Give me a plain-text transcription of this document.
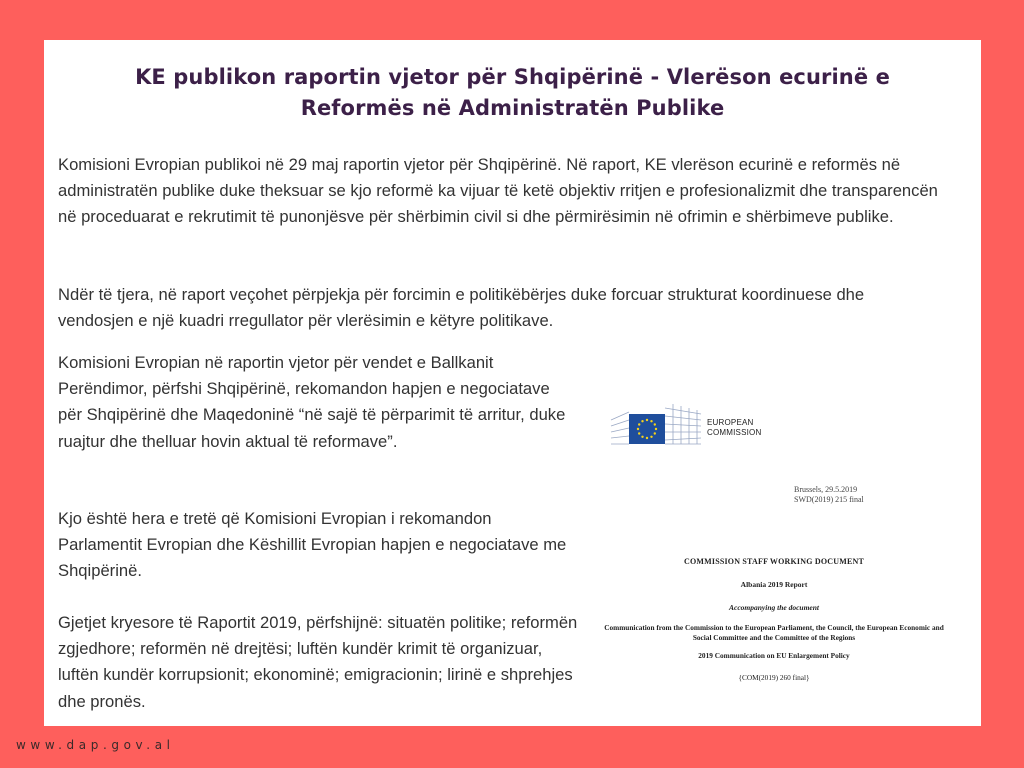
KE publikon raportin vjetor për Shqipërinë - Vlerëson ecurinë e Reformës në Administratën Publike

Komisioni Evropian publikoi në 29 maj raportin vjetor për Shqipërinë. Në raport, KE vlerëson ecurinë e reformës në administratën publike duke theksuar se kjo reformë ka vijuar të ketë objektiv rritjen e profesionalizmit dhe transparencën në proceduarat e rekrutimit të punonjësve për shërbimin civil si dhe përmirësimin në ofrimin e shërbimeve publike.

Ndër të tjera, në raport veçohet përpjekja për forcimin e politikëbërjes duke forcuar strukturat koordinuese dhe vendosjen e një kuadri rregullator për vlerësimin e këtyre politikave.

Komisioni Evropian në raportin vjetor për vendet e Ballkanit Perëndimor, përfshi Shqipërinë, rekomandon hapjen e negociatave për Shqipërinë dhe Maqedoninë “në sajë të përparimit të arritur, duke ruajtur dhe thelluar hovin aktual të reformave”.

Kjo është hera e tretë që Komisioni Evropian i rekomandon Parlamentit Evropian dhe Këshillit Evropian hapjen e negociatave me Shqipërinë.

Gjetjet kryesore të Raportit 2019, përfshijnë: situatën politike; reformën zgjedhore; reformën në drejtësi; luftën kundër krimit të organizuar, luftën kundër korrupsionit; ekonominë; emigracionin; lirinë e shprehjes dhe pronës.

EUROPEAN
COMMISSION
Brussels, 29.5.2019
SWD(2019) 215 final
COMMISSION STAFF WORKING DOCUMENT
Albania 2019 Report
Accompanying the document
Communication from the Commission to the European Parliament, the Council, the European Economic and Social Committee and the Committee of the Regions
2019 Communication on EU Enlargement Policy
{COM(2019) 260 final}
www.dap.gov.al
